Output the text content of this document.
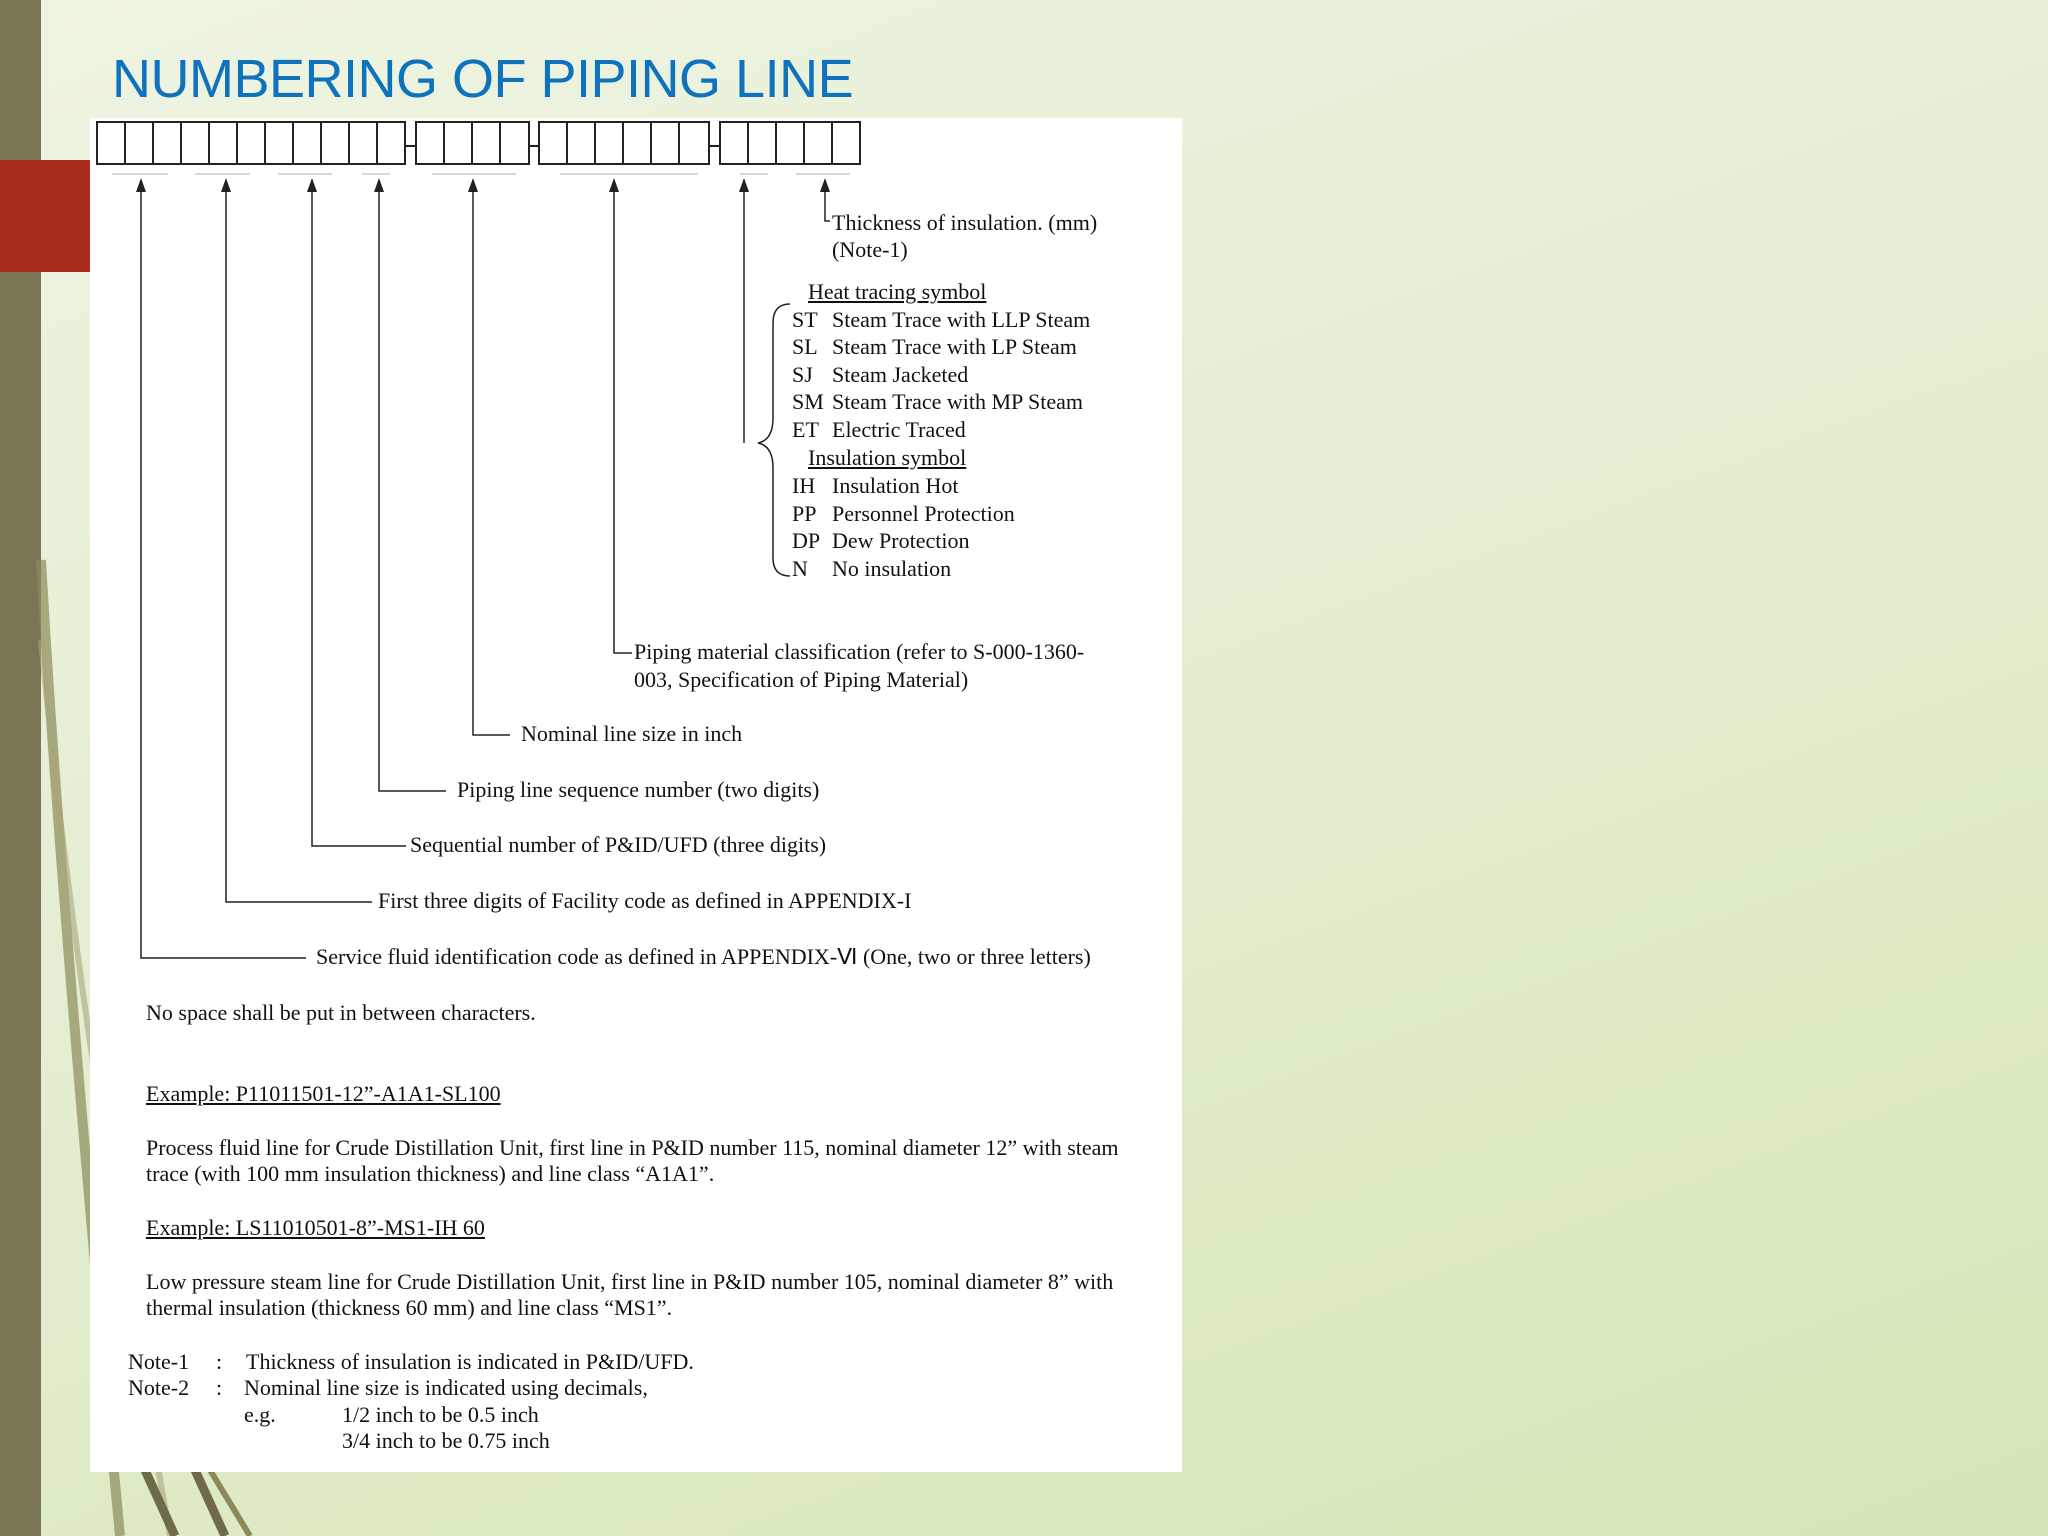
NUMBERING OF PIPING LINE
Thickness of insulation. (mm)
(Note-1)
Heat tracing symbol
ST Steam Trace with LLP Steam
SL Steam Trace with LP Steam
SJ Steam Jacketed
SM Steam Trace with MP Steam
ET Electric Traced
Insulation symbol
IH Insulation Hot
PP Personnel Protection
DP Dew Protection
N	No insulation
Piping material classification (refer to S-000-1360-
003, Specification of Piping Material)
Nominal line size in inch
Piping line sequence number (two digits)
Sequential number of P&ID/UFD (three digits)
First three digits of Facility code as defined in APPENDIX-I
Service fluid identification code as defined in APPENDIX-Ⅵ (One, two or three letters)
No space shall be put in between characters.
Example: P11011501-12”-A1A1-SL100
Process fluid line for Crude Distillation Unit, first line in P&ID number 115, nominal diameter 12” with steam
trace (with 100 mm insulation thickness) and line class “A1A1”.
Example: LS11010501-8”-MS1-IH 60
Low pressure steam line for Crude Distillation Unit, first line in P&ID number 105, nominal diameter 8” with
thermal insulation (thickness 60 mm) and line class “MS1”.
Note-1 : Thickness of insulation is indicated in P&ID/UFD.
Note-2 : Nominal line size is indicated using decimals,
e.g.	1/2 inch to be 0.5 inch
3/4 inch to be 0.75 inch
